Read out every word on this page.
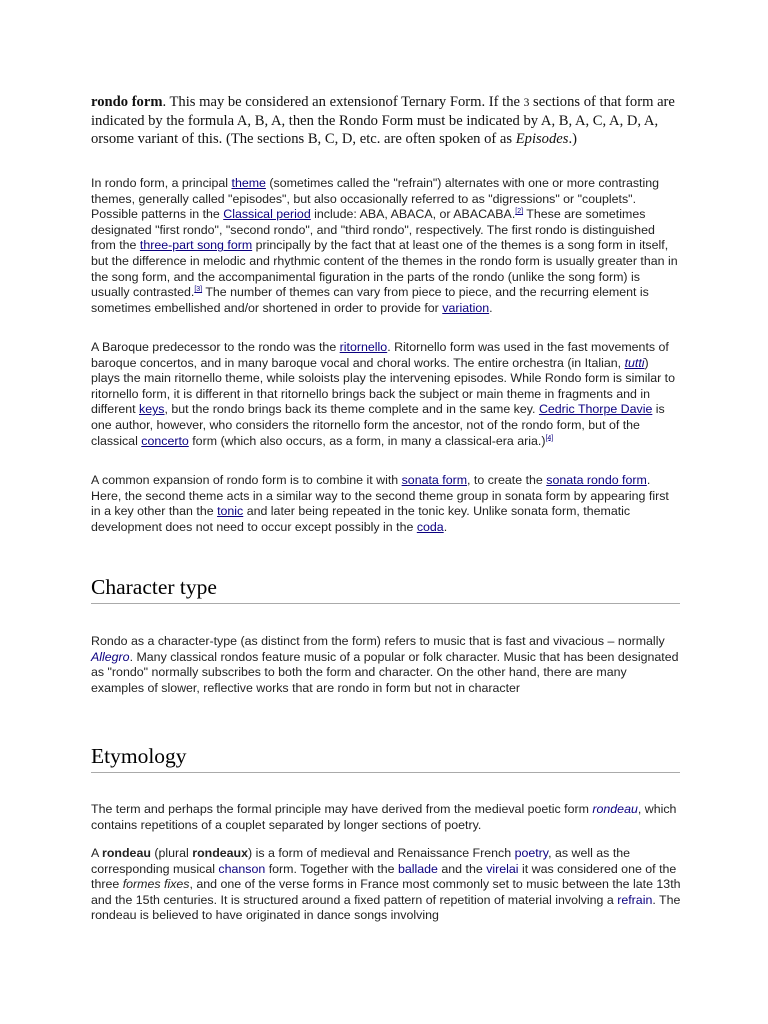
rondo form. This may be considered an extensionof Ternary Form. If the 3 sections of that form are indicated by the formula A, B, A, then the Rondo Form must be indicated by A, B, A, C, A, D, A, orsome variant of this. (The sections B, C, D, etc. are often spoken of as Episodes.)

In rondo form, a principal theme (sometimes called the "refrain") alternates with one or more contrasting themes, generally called "episodes", but also occasionally referred to as "digressions" or "couplets". Possible patterns in the Classical period include: ABA, ABACA, or ABACABA.[2] These are sometimes designated "first rondo", "second rondo", and "third rondo", respectively. The first rondo is distinguished from the three-part song form principally by the fact that at least one of the themes is a song form in itself, but the difference in melodic and rhythmic content of the themes in the rondo form is usually greater than in the song form, and the accompanimental figuration in the parts of the rondo (unlike the song form) is usually contrasted.[3] The number of themes can vary from piece to piece, and the recurring element is sometimes embellished and/or shortened in order to provide for variation.

A Baroque predecessor to the rondo was the ritornello. Ritornello form was used in the fast movements of baroque concertos, and in many baroque vocal and choral works. The entire orchestra (in Italian, tutti) plays the main ritornello theme, while soloists play the intervening episodes. While Rondo form is similar to ritornello form, it is different in that ritornello brings back the subject or main theme in fragments and in different keys, but the rondo brings back its theme complete and in the same key. Cedric Thorpe Davie is one author, however, who considers the ritornello form the ancestor, not of the rondo form, but of the classical concerto form (which also occurs, as a form, in many a classical-era aria.)[4]

A common expansion of rondo form is to combine it with sonata form, to create the sonata rondo form. Here, the second theme acts in a similar way to the second theme group in sonata form by appearing first in a key other than the tonic and later being repeated in the tonic key. Unlike sonata form, thematic development does not need to occur except possibly in the coda.

Character type

Rondo as a character-type (as distinct from the form) refers to music that is fast and vivacious – normally Allegro. Many classical rondos feature music of a popular or folk character. Music that has been designated as "rondo" normally subscribes to both the form and character. On the other hand, there are many examples of slower, reflective works that are rondo in form but not in character

Etymology

The term and perhaps the formal principle may have derived from the medieval poetic form rondeau, which contains repetitions of a couplet separated by longer sections of poetry.

A rondeau (plural rondeaux) is a form of medieval and Renaissance French poetry, as well as the corresponding musical chanson form. Together with the ballade and the virelai it was considered one of the three formes fixes, and one of the verse forms in France most commonly set to music between the late 13th and the 15th centuries. It is structured around a fixed pattern of repetition of material involving a refrain. The rondeau is believed to have originated in dance songs involving
